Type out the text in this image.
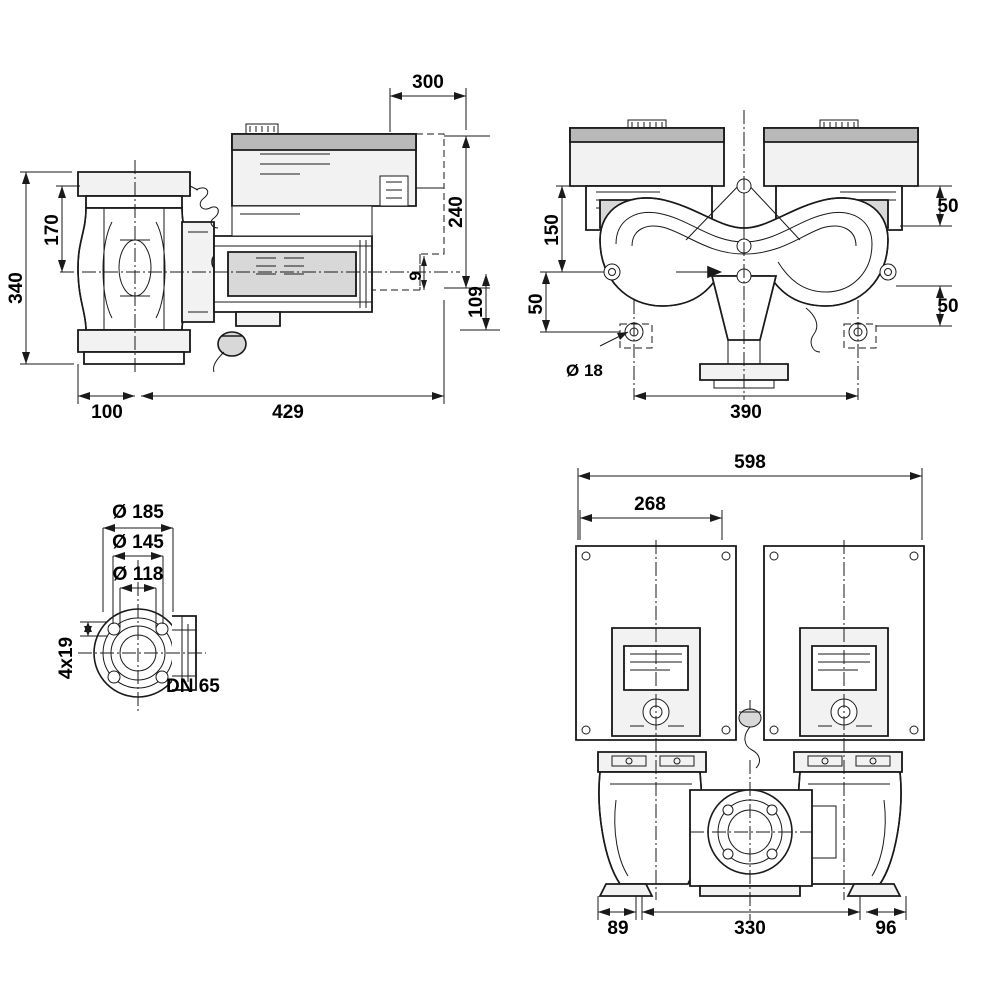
340
170
300
240
109
9
100	429
150
50
50
50
Ø 18
390
Ø 185
Ø 145
Ø 118
4x19
DN 65
598
268
89	330	96
